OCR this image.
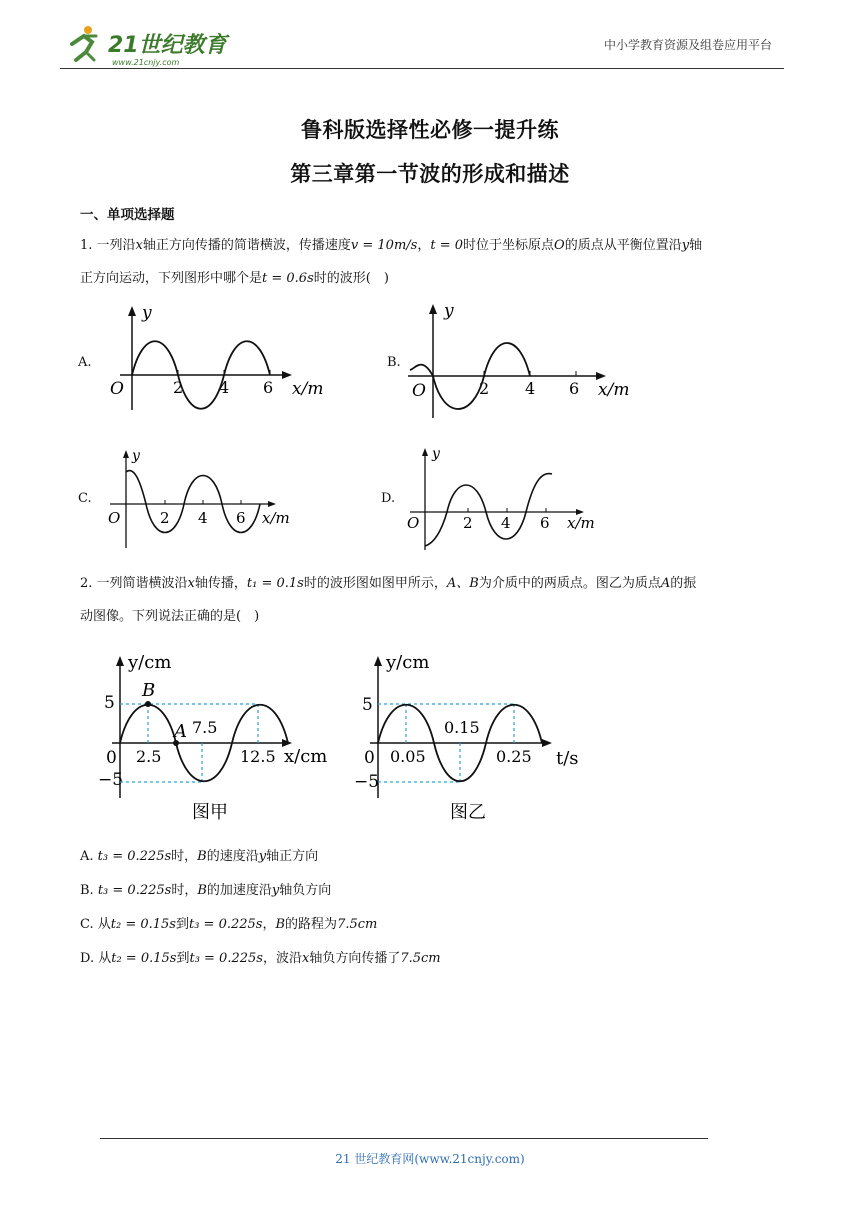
21世纪教育
www.21cnjy.com
中小学教育资源及组卷应用平台
鲁科版选择性必修一提升练
第三章第一节波的形成和描述
一、单项选择题
1. 一列沿x轴正方向传播的简谐横波，传播速度v = 10m/s，t = 0时位于坐标原点O的质点从平衡位置沿y轴
正方向运动，下列图形中哪个是t = 0.6s时的波形(　)
A.
y
x/m
O	2 4 6
B.
y
x/m
O	2 4 6
C.
y
x/m
O	2 4 6
D.
y
x/m
O	2 4 6
2. 一列简谐横波沿x轴传播，t₁ = 0.1s时的波形图如图甲所示，A、B为介质中的两质点。图乙为质点A的振
动图像。下列说法正确的是(　)
y/cm
x/cm
5
−5
0 2.5
7.5
12.5
B
A
图甲
y/cm
t/s
5
−5
0 0.05
0.15
0.25
图乙
A. t₃ = 0.225s时，B的速度沿y轴正方向
B. t₃ = 0.225s时，B的加速度沿y轴负方向
C. 从t₂ = 0.15s到t₃ = 0.225s，B的路程为7.5cm
D. 从t₂ = 0.15s到t₃ = 0.225s，波沿x轴负方向传播了7.5cm
21 世纪教育网(www.21cnjy.com)
